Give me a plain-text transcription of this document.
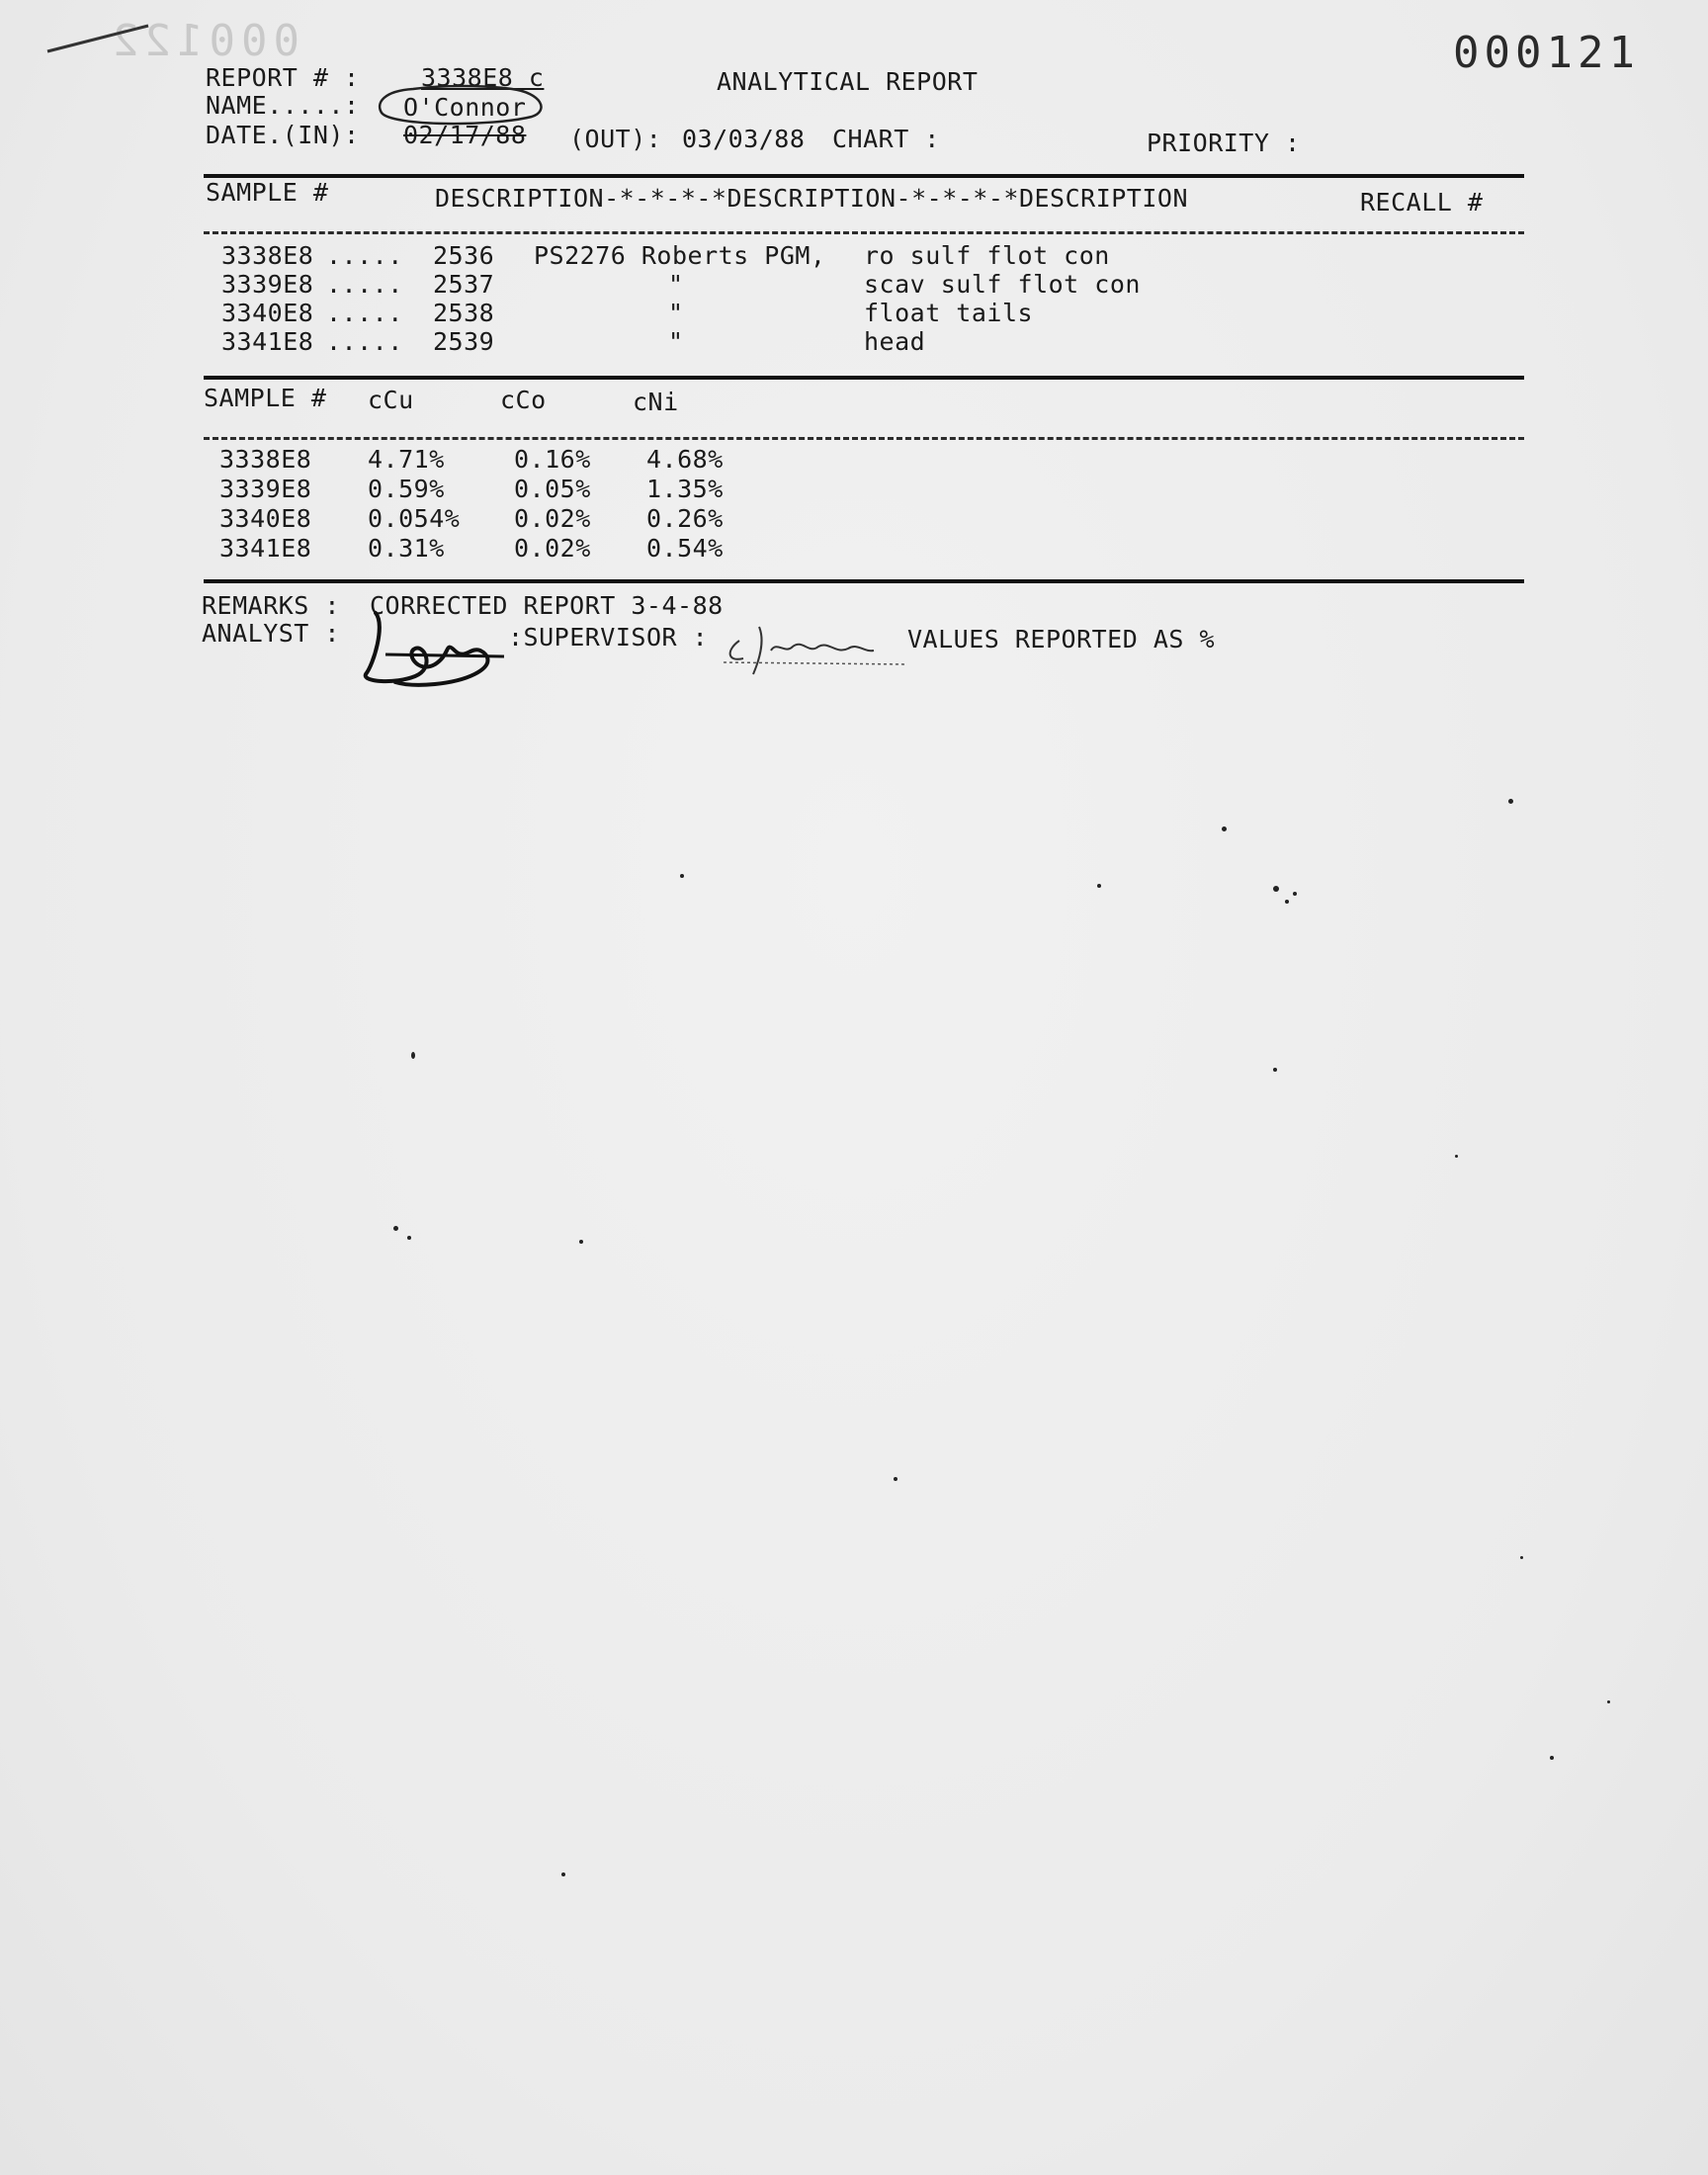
000122	000121
REPORT # : 3338E8 c	ANALYTICAL REPORT
NAME.....: O'Connor
DATE.(IN): 02/17/88 (OUT): 03/03/88 CHART :	PRIORITY :
SAMPLE #	DESCRIPTION-*-*-*-*DESCRIPTION-*-*-*-*DESCRIPTION	RECALL #
3338E8 ..... 2536 PS2276 Roberts PGM, ro sulf flot con
3339E8 ..... 2537	"	scav sulf flot con
3340E8 ..... 2538	"	float tails
3341E8 ..... 2539	"	head
SAMPLE # cCu	cCo	cNi
3338E8 4.71%	0.16% 4.68%
3339E8 0.59%	0.05% 1.35%
3340E8 0.054% 0.02% 0.26%
3341E8 0.31%	0.02% 0.54%
REMARKS : CORRECTED REPORT 3-4-88
ANALYST :	:SUPERVISOR :	VALUES REPORTED AS %
